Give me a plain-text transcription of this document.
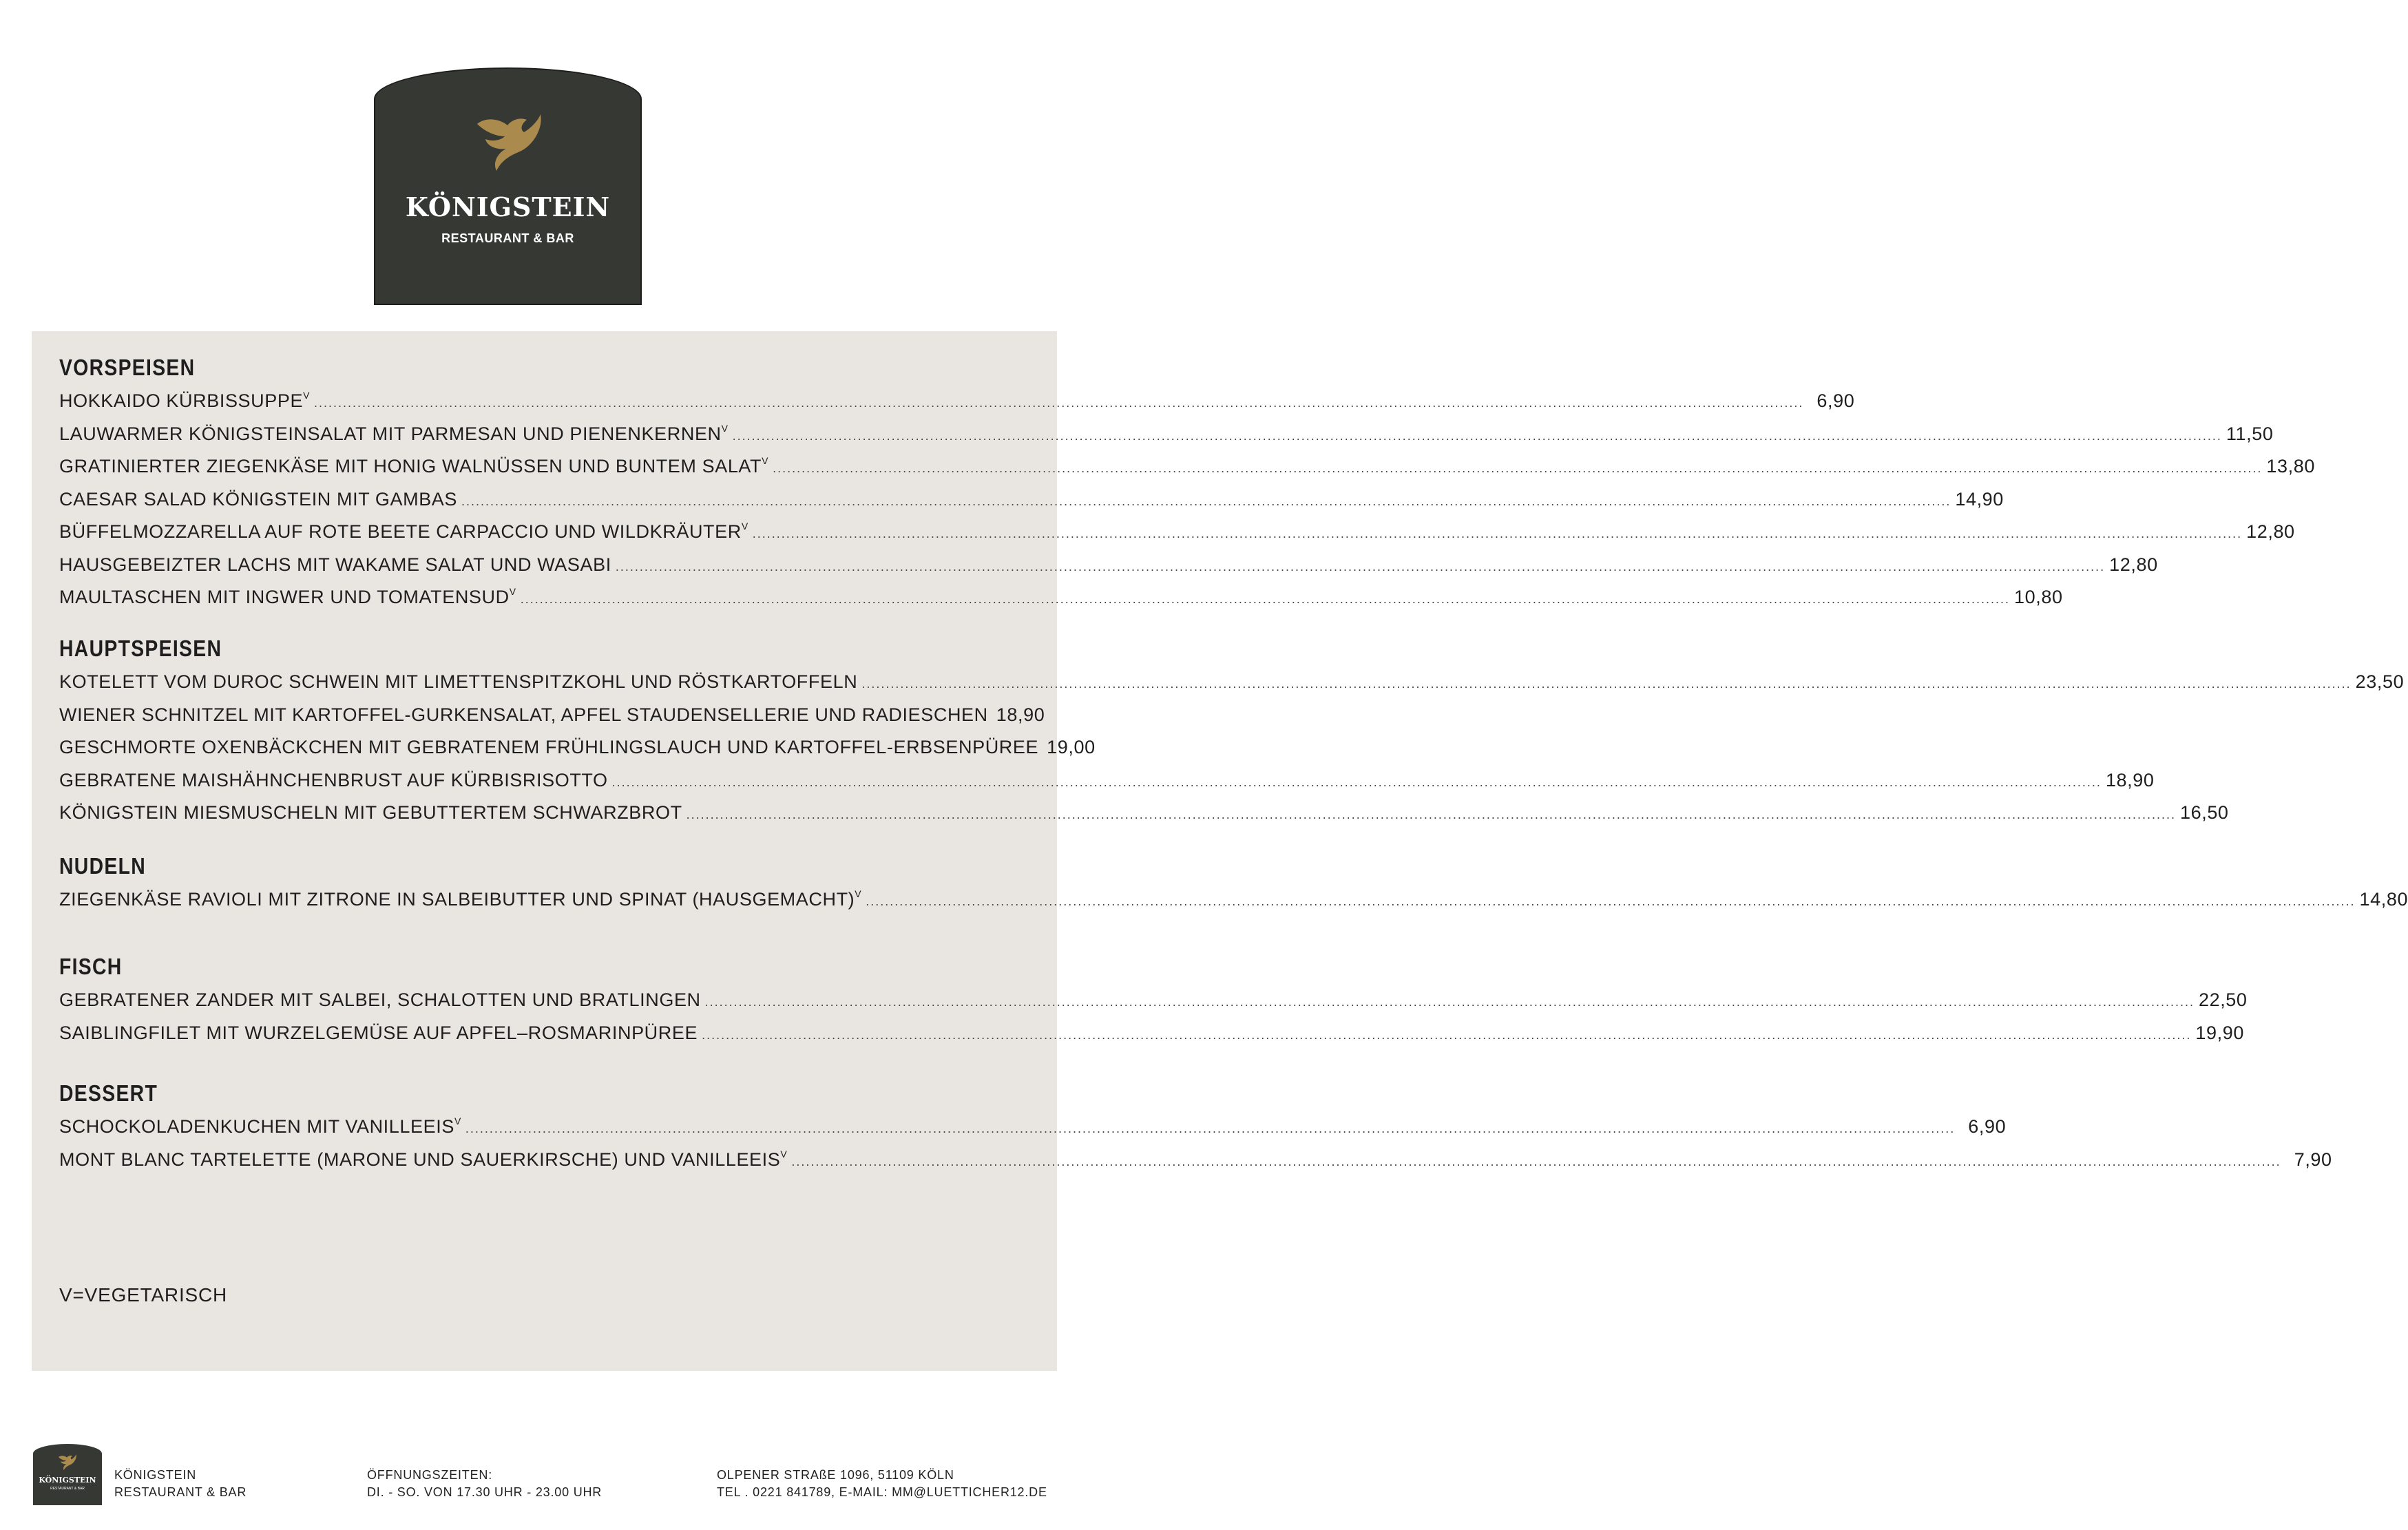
KÖNIGSTEIN
RESTAURANT & BAR
VORSPEISEN
HOKKAIDO $KÜRBISSUPPE^V$ .....	6,90
LAUWARMER KÖNIGSTEINSALAT MIT PARMESAN UND $PIENENKERNEN^V$ .....	11,50
GRATINIERTER ZIEGENKÄSE MIT HONIG WALNÜSSEN UND BUNTEM $SALAT^V$ .....	13,80
CAESAR SALAD KÖNIGSTEIN MIT GAMBAS .....	14,90
BÜFFELMOZZARELLA AUF ROTE BEETE CARPACCIO UND $WILDKRÄUTER^V$ .....	12,80
HAUSGEBEIZTER LACHS MIT WAKAME SALAT UND WASABI .....	12,80
MAULTASCHEN MIT INGWER UND $TOMATENSUD^V$ .....	10,80
HAUPTSPEISEN
KOTELETT VOM DUROC SCHWEIN MIT LIMETTENSPITZKOHL UND RÖSTKARTOFFELN .....	23,50
WIENER SCHNITZEL MIT KARTOFFEL-GURKENSALAT, APFEL STAUDENSELLERIE UND RADIESCHEN 18,90
GESCHMORTE OXENBÄCKCHEN MIT GEBRATENEM FRÜHLINGSLAUCH UND KARTOFFEL-ERBSENPÜREE 19,00
GEBRATENE MAISHÄHNCHENBRUST AUF KÜRBISRISOTTO .....	18,90
KÖNIGSTEIN MIESMUSCHELN MIT GEBUTTERTEM SCHWARZBROT .....	16,50
NUDELN
ZIEGENKÄSE RAVIOLI MIT ZITRONE IN SALBEIBUTTER UND SPINAT (HAUSGEMACHT)$^V$ .....	14,80
FISCH
GEBRATENER ZANDER MIT SALBEI, SCHALOTTEN UND BRATLINGEN .....	22,50
SAIBLINGFILET MIT WURZELGEMÜSE AUF APFEL–ROSMARINPÜREE .....	19,90
DESSERT
SCHOCKOLADENKUCHEN MIT $VANILLEEIS^V$ .....	6,90
MONT BLANC TARTELETTE (MARONE UND SAUERKIRSCHE) UND $VANILLEEIS^V$ .....	7,90
V=VEGETARISCH
KÖNIGSTEIN
RESTAURANT & BAR
KÖNIGSTEIN
RESTAURANT & BAR
ÖFFNUNGSZEITEN:
DI. - SO. VON 17.30 UHR - 23.00 UHR
OLPENER STRAßE 1096, 51109 KÖLN
TEL . 0221 841789, E-MAIL: MM@LUETTICHER12.DE
